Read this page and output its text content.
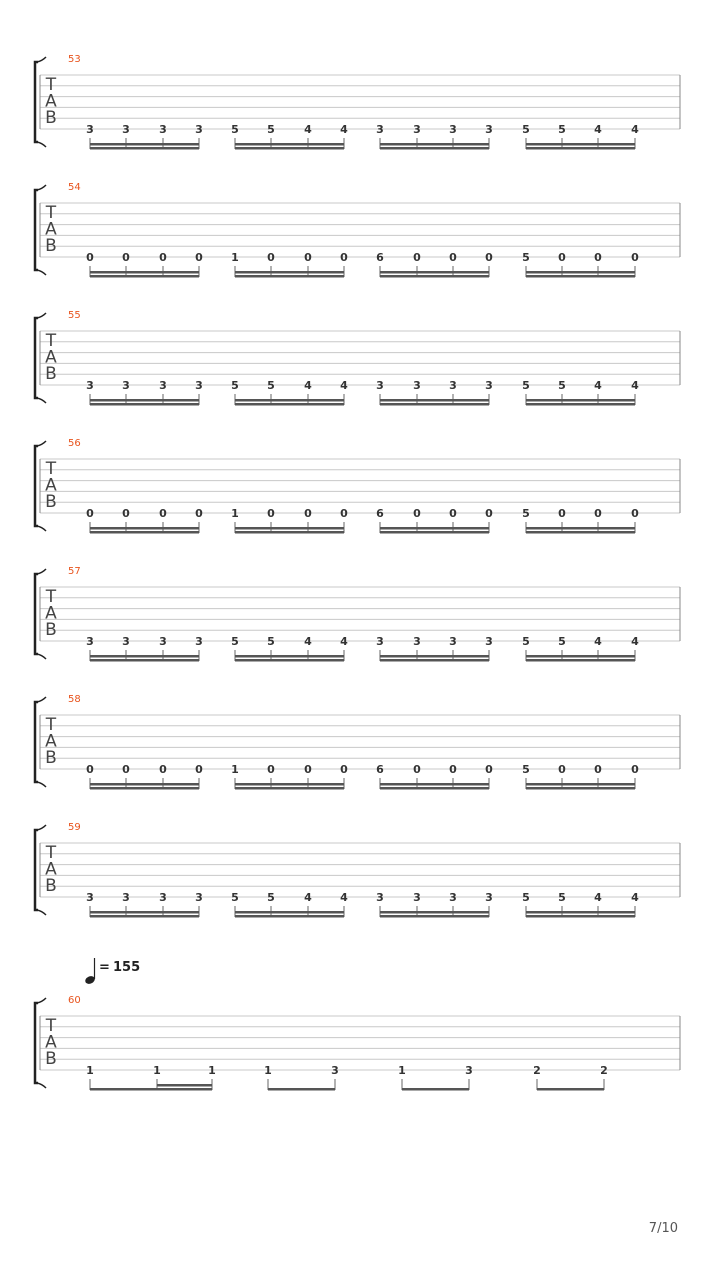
7/10
T
A
B
53
3	3	3	3	5	5	4	4	3	3	3	3	5	5	4	4
T
A
B
54
0	0	0	0	1	0	0	0	6	0	0	0	5	0	0	0
T
A
B
55
3	3	3	3	5	5	4	4	3	3	3	3	5	5	4	4
T
A
B
56
0	0	0	0	1	0	0	0	6	0	0	0	5	0	0	0
T
A
B
57
3	3	3	3	5	5	4	4	3	3	3	3	5	5	4	4
T
A
B
58
0	0	0	0	1	0	0	0	6	0	0	0	5	0	0	0
T
A
B
59
3	3	3	3	5	5	4	4	3	3	3	3	5	5	4	4
T
A
B
60
1	1	1	1	3	1	3	2	2
= 155
